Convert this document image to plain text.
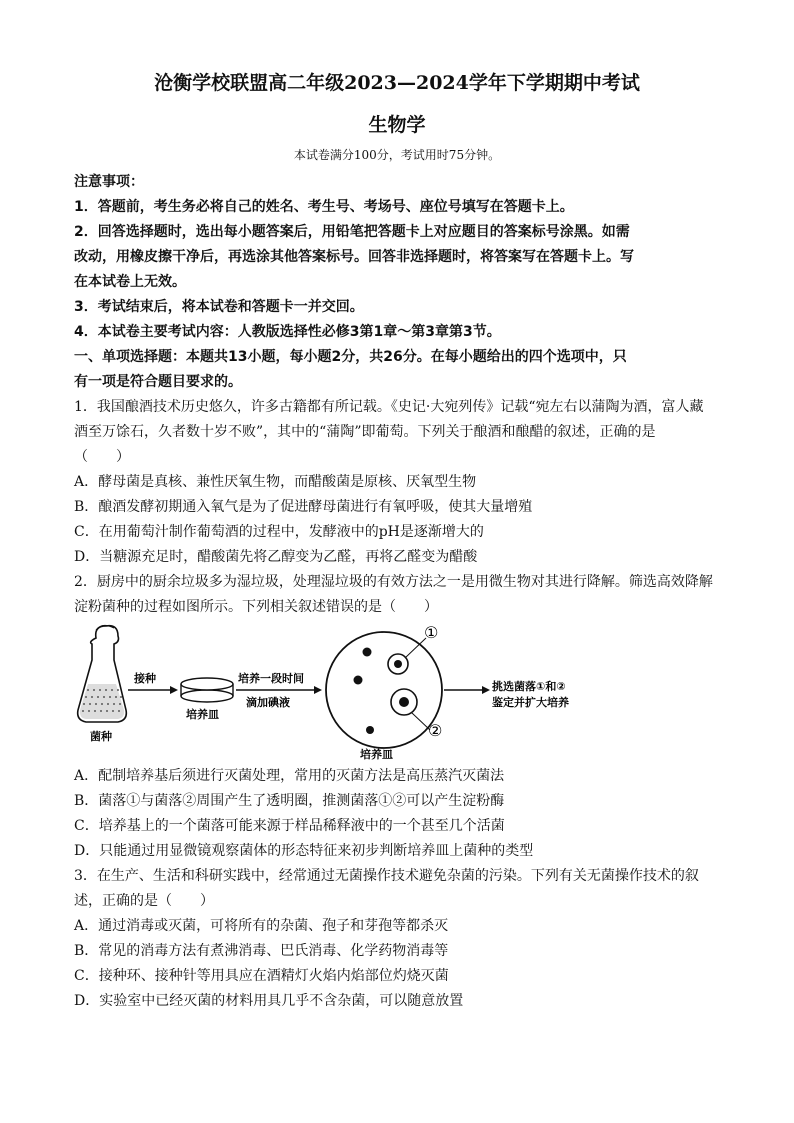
沧衡学校联盟高二年级2023—2024学年下学期期中考试
生物学
本试卷满分100分，考试用时75分钟。
注意事项：
1．答题前，考生务必将自己的姓名、考生号、考场号、座位号填写在答题卡上。
2．回答选择题时，选出每小题答案后，用铅笔把答题卡上对应题目的答案标号涂黑。如需
改动，用橡皮擦干净后，再选涂其他答案标号。回答非选择题时，将答案写在答题卡上。写
在本试卷上无效。
3．考试结束后，将本试卷和答题卡一并交回。
4．本试卷主要考试内容：人教版选择性必修3第1章～第3章第3节。
一、单项选择题：本题共13小题，每小题2分，共26分。在每小题给出的四个选项中，只
有一项是符合题目要求的。
1．我国酿酒技术历史悠久，许多古籍都有所记载。《史记·大宛列传》记载“宛左右以蒲陶为酒，富人藏
酒至万馀石，久者数十岁不败”，其中的“蒲陶”即葡萄。下列关于酿酒和酿醋的叙述，正确的是
（　　）
A．酵母菌是真核、兼性厌氧生物，而醋酸菌是原核、厌氧型生物
B．酿酒发酵初期通入氧气是为了促进酵母菌进行有氧呼吸，使其大量增殖
C．在用葡萄汁制作葡萄酒的过程中，发酵液中的pH是逐渐增大的
D．当糖源充足时，醋酸菌先将乙醇变为乙醛，再将乙醛变为醋酸
2．厨房中的厨余垃圾多为湿垃圾，处理湿垃圾的有效方法之一是用微生物对其进行降解。筛选高效降解
淀粉菌种的过程如图所示。下列相关叙述错误的是（　　）
菌种
接种
培养皿
培养一段时间
滴加碘液
①
②
培养皿
挑选菌落①和②
鉴定并扩大培养
A．配制培养基后须进行灭菌处理，常用的灭菌方法是高压蒸汽灭菌法
B．菌落①与菌落②周围产生了透明圈，推测菌落①②可以产生淀粉酶
C．培养基上的一个菌落可能来源于样品稀释液中的一个甚至几个活菌
D．只能通过用显微镜观察菌体的形态特征来初步判断培养皿上菌种的类型
3．在生产、生活和科研实践中，经常通过无菌操作技术避免杂菌的污染。下列有关无菌操作技术的叙
述，正确的是（　　）
A．通过消毒或灭菌，可将所有的杂菌、孢子和芽孢等都杀灭
B．常见的消毒方法有煮沸消毒、巴氏消毒、化学药物消毒等
C．接种环、接种针等用具应在酒精灯火焰内焰部位灼烧灭菌
D．实验室中已经灭菌的材料用具几乎不含杂菌，可以随意放置
